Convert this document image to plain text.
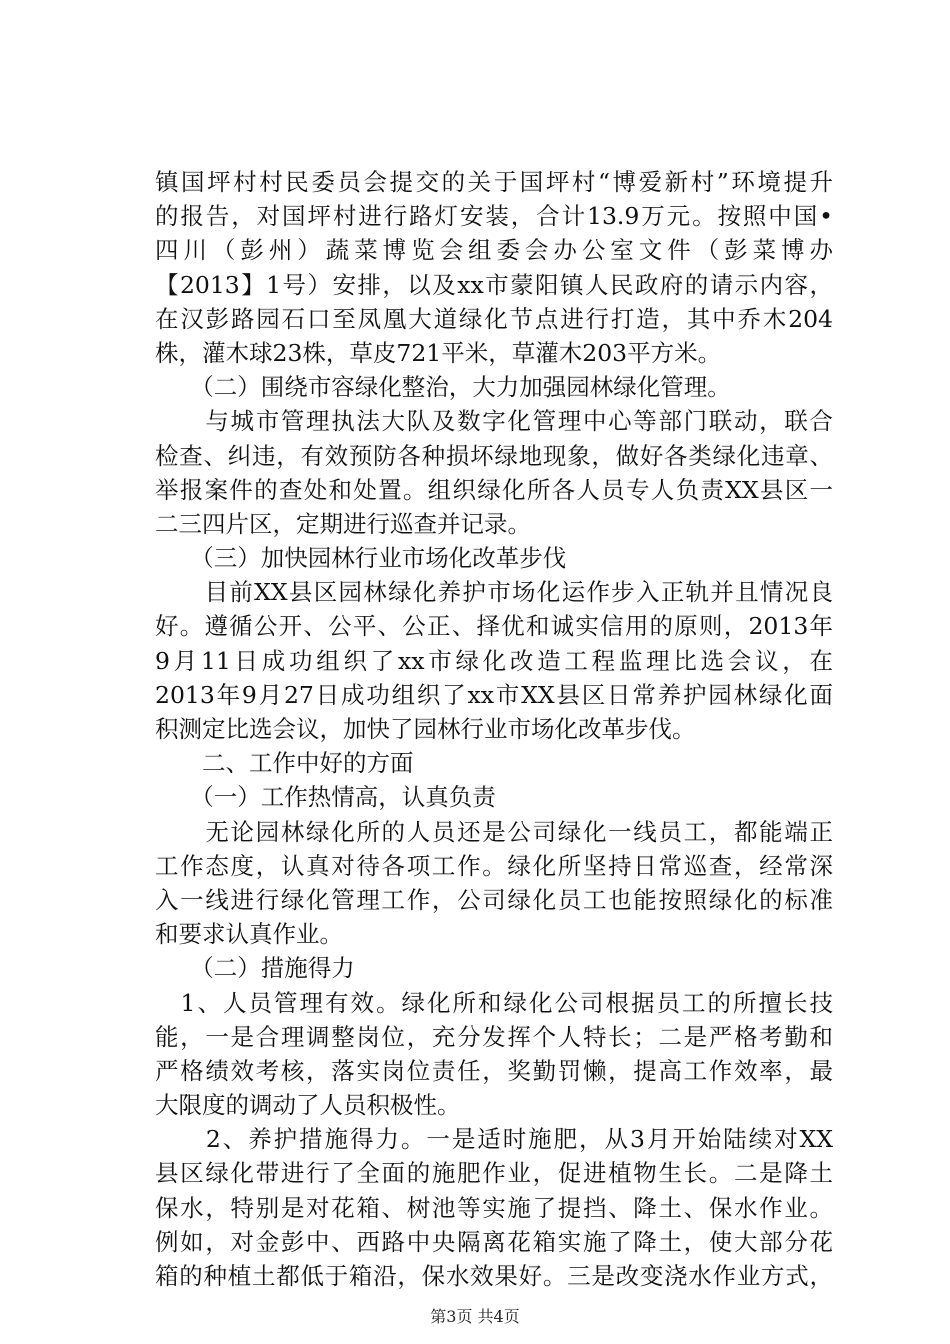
镇国坪村村民委员会提交的关于国坪村“博爱新村”环境提升
的报告，对国坪村进行路灯安装，合计13.9万元。按照中国•
四川（彭州）蔬菜博览会组委会办公室文件（彭菜博办
【2013】1号）安排，以及xx市蒙阳镇人民政府的请示内容，
在汉彭路园石口至凤凰大道绿化节点进行打造，其中乔木204
株，灌木球23株，草皮721平米，草灌木203平方米。
　　（二）围绕市容绿化整治，大力加强园林绿化管理。
　　与城市管理执法大队及数字化管理中心等部门联动，联合
检查、纠违，有效预防各种损坏绿地现象，做好各类绿化违章、
举报案件的查处和处置。组织绿化所各人员专人负责XX县区一
二三四片区，定期进行巡查并记录。
　　（三）加快园林行业市场化改革步伐
　　目前XX县区园林绿化养护市场化运作步入正轨并且情况良
好。遵循公开、公平、公正、择优和诚实信用的原则，2013年
9月11日成功组织了xx市绿化改造工程监理比选会议，在
2013年9月27日成功组织了xx市XX县区日常养护园林绿化面
积测定比选会议，加快了园林行业市场化改革步伐。
　　二、工作中好的方面
　　（一）工作热情高，认真负责
　　无论园林绿化所的人员还是公司绿化一线员工，都能端正
工作态度，认真对待各项工作。绿化所坚持日常巡查，经常深
入一线进行绿化管理工作，公司绿化员工也能按照绿化的标准
和要求认真作业。
　　（二）措施得力
　1、人员管理有效。绿化所和绿化公司根据员工的所擅长技
能，一是合理调整岗位，充分发挥个人特长；二是严格考勤和
严格绩效考核，落实岗位责任，奖勤罚懒，提高工作效率，最
大限度的调动了人员积极性。
　　2、养护措施得力。一是适时施肥，从3月开始陆续对XX
县区绿化带进行了全面的施肥作业，促进植物生长。二是降土
保水，特别是对花箱、树池等实施了提挡、降土、保水作业。
例如，对金彭中、西路中央隔离花箱实施了降土，使大部分花
箱的种植土都低于箱沿，保水效果好。三是改变浇水作业方式，
第3页 共4页
